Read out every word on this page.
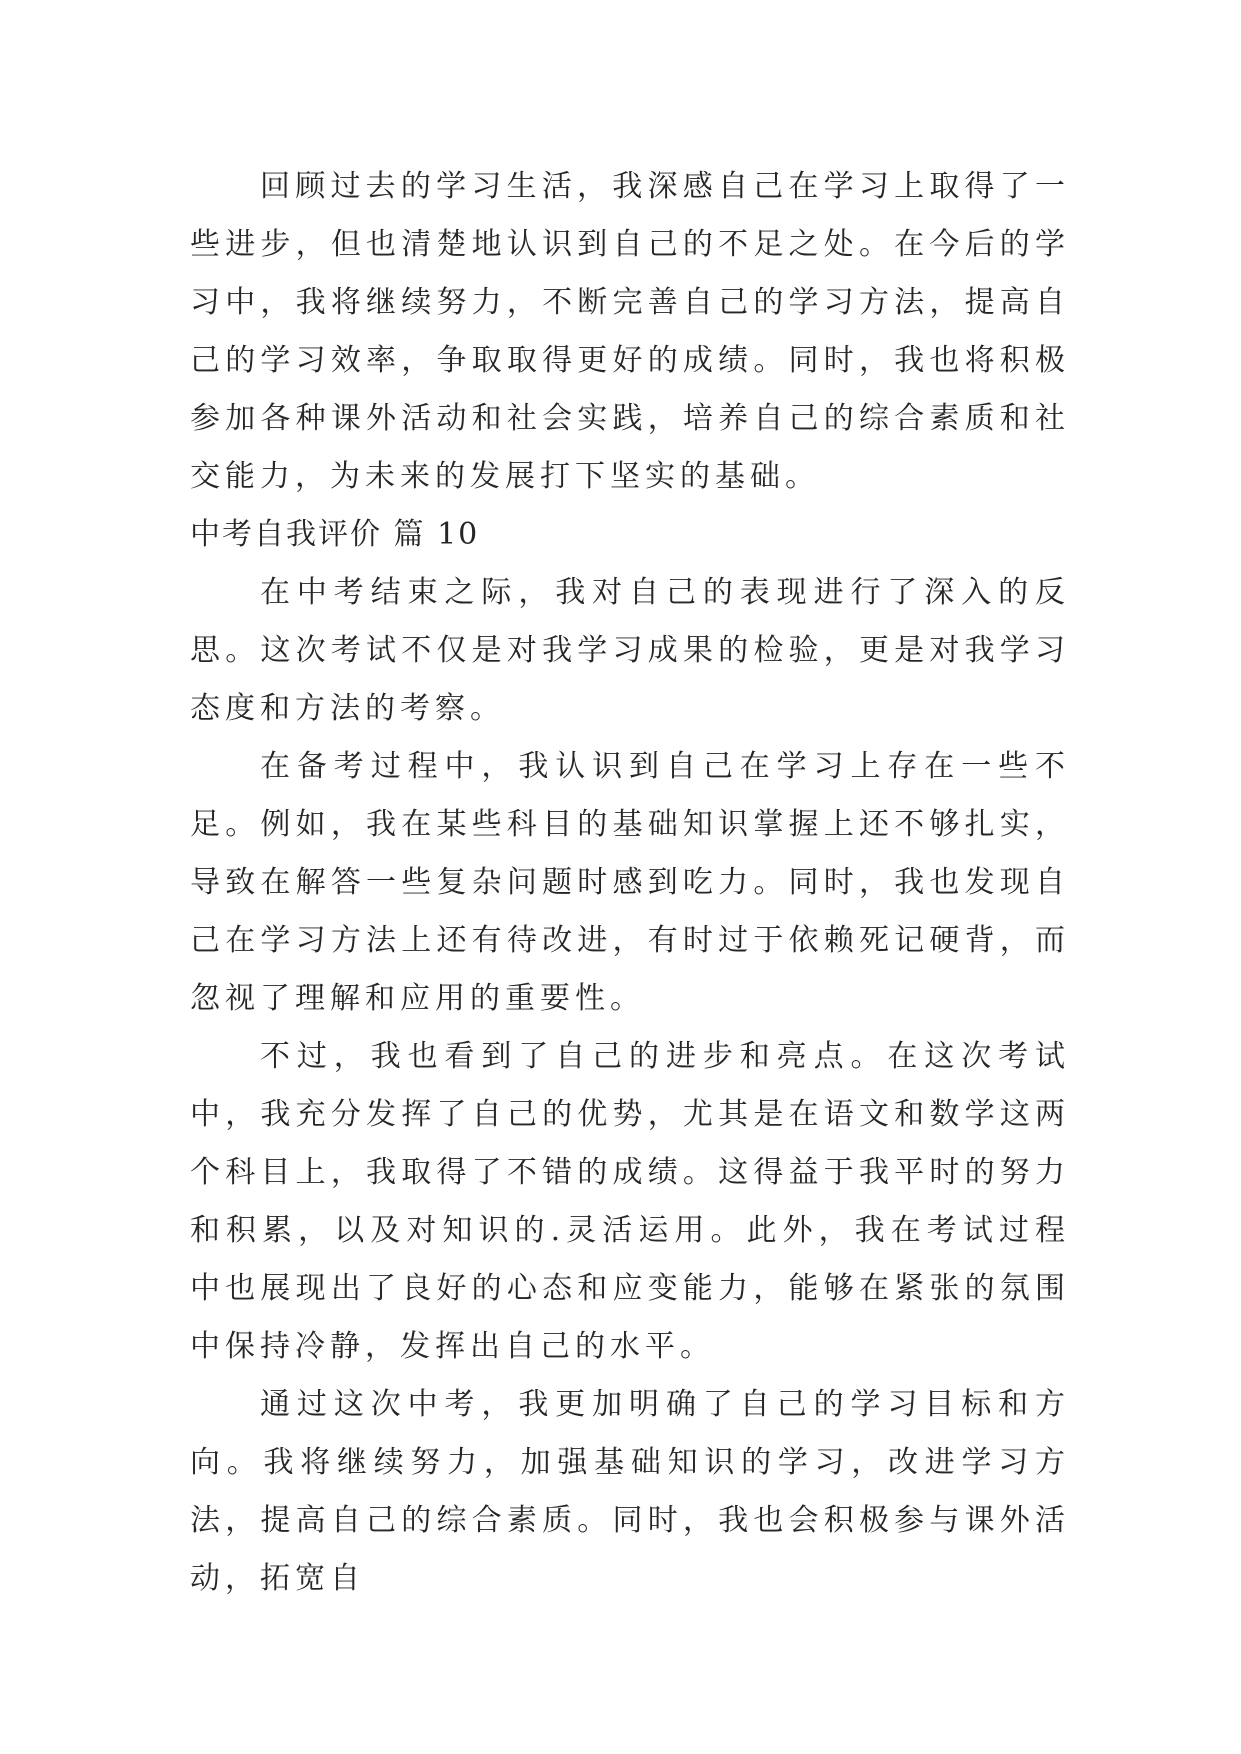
回顾过去的学习生活，我深感自己在学习上取得了一些进步，但也清楚地认识到自己的不足之处。在今后的学习中，我将继续努力，不断完善自己的学习方法，提高自己的学习效率，争取取得更好的成绩。同时，我也将积极参加各种课外活动和社会实践，培养自己的综合素质和社交能力，为未来的发展打下坚实的基础。

中考自我评价 篇 10

在中考结束之际，我对自己的表现进行了深入的反思。这次考试不仅是对我学习成果的检验，更是对我学习态度和方法的考察。

在备考过程中，我认识到自己在学习上存在一些不足。例如，我在某些科目的基础知识掌握上还不够扎实，导致在解答一些复杂问题时感到吃力。同时，我也发现自己在学习方法上还有待改进，有时过于依赖死记硬背，而忽视了理解和应用的重要性。

不过，我也看到了自己的进步和亮点。在这次考试中，我充分发挥了自己的优势，尤其是在语文和数学这两个科目上，我取得了不错的成绩。这得益于我平时的努力和积累，以及对知识的.灵活运用。此外，我在考试过程中也展现出了良好的心态和应变能力，能够在紧张的氛围中保持冷静，发挥出自己的水平。

通过这次中考，我更加明确了自己的学习目标和方向。我将继续努力，加强基础知识的学习，改进学习方法，提高自己的综合素质。同时，我也会积极参与课外活动，拓宽自
